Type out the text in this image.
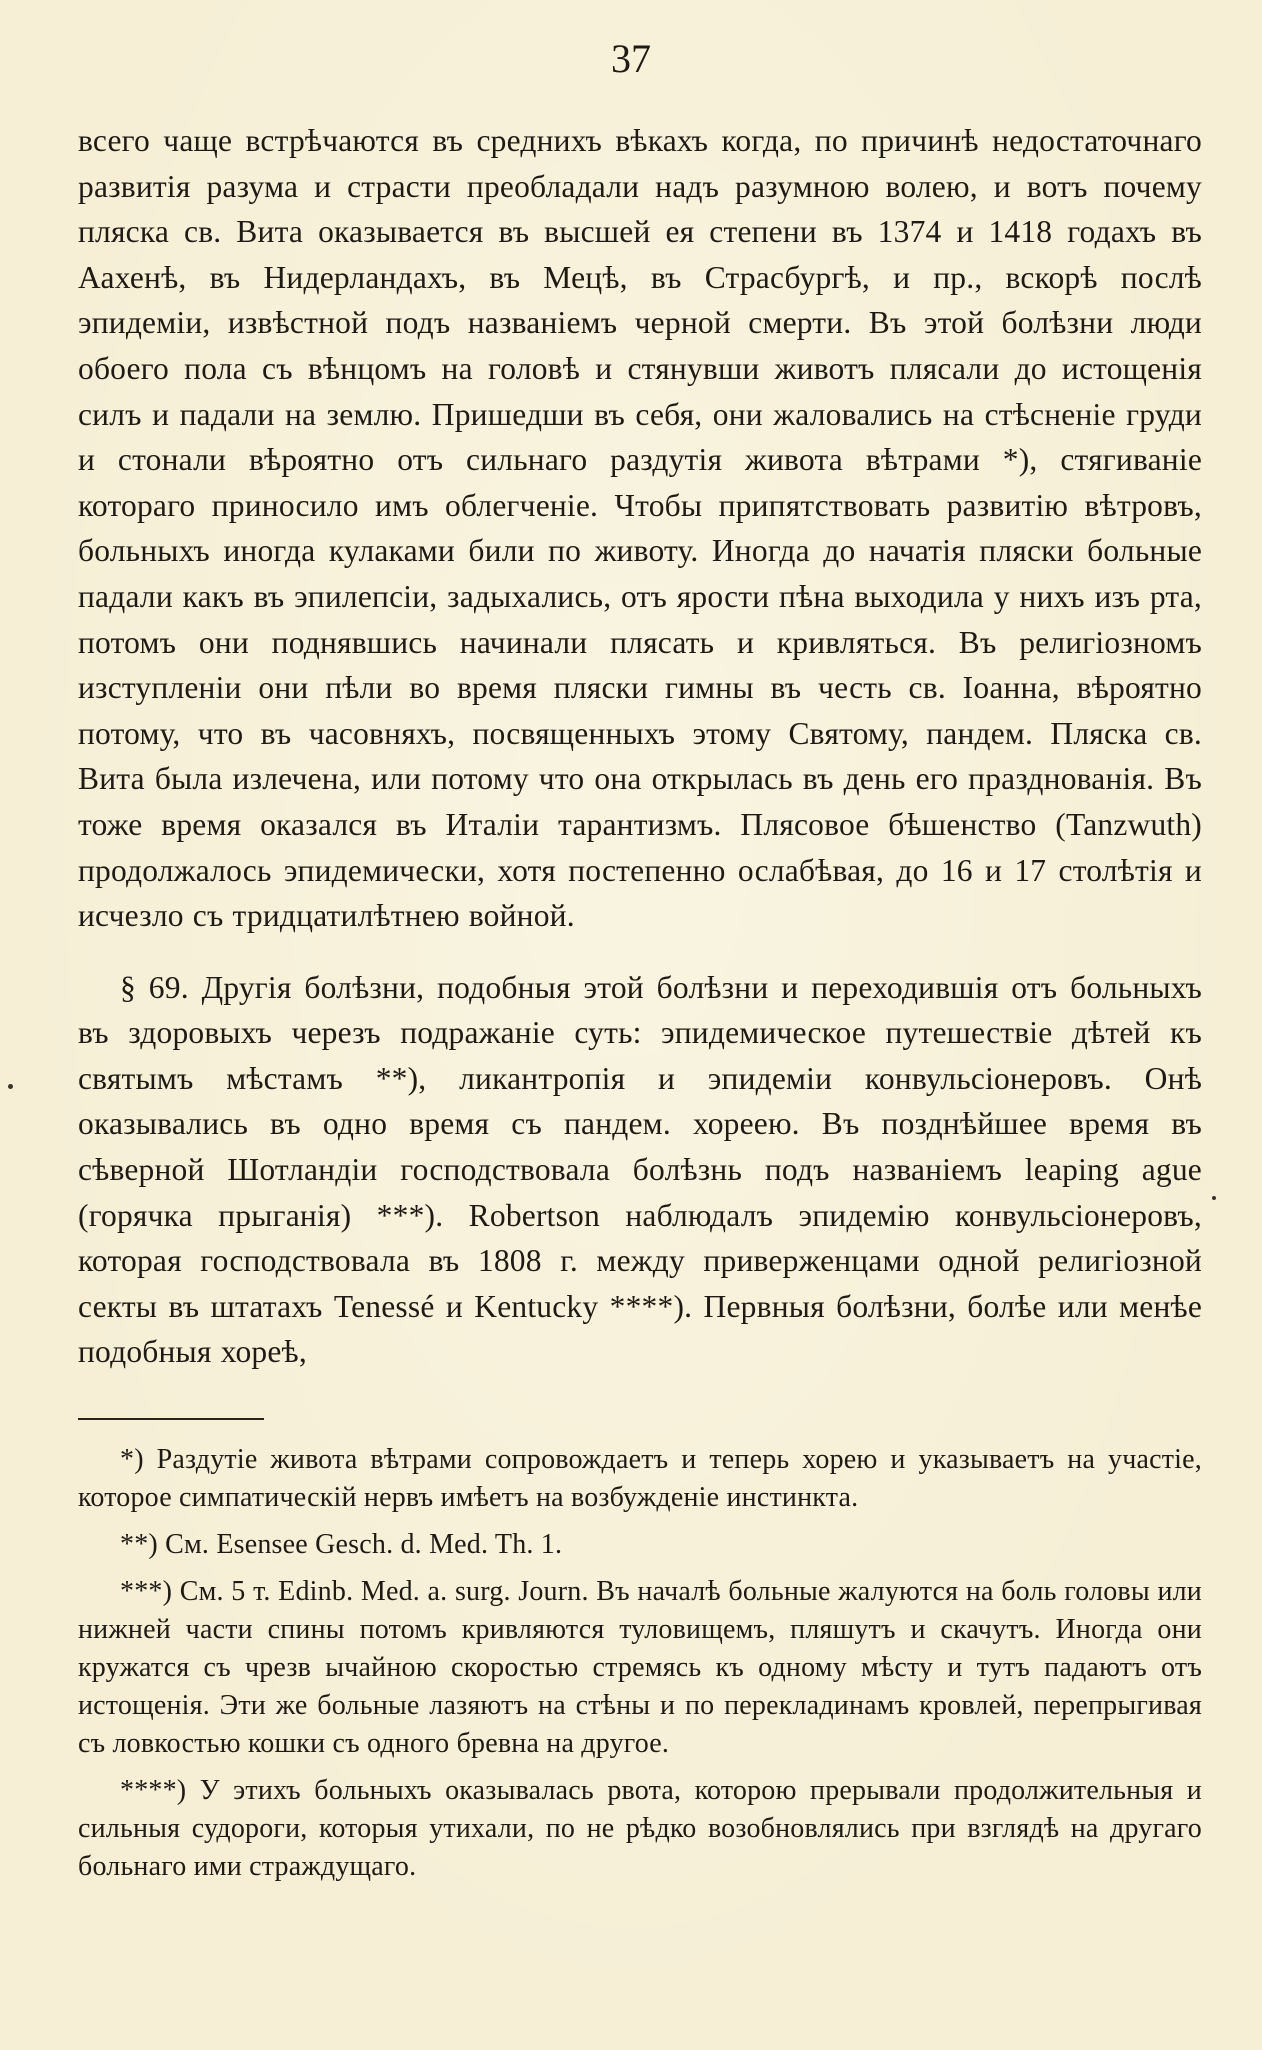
37

всего чаще встрѣчаются въ среднихъ вѣкахъ когда, по причинѣ недостаточнаго развитія разума и страсти преобладали надъ разумною волею, и вотъ почему пляска св. Вита оказывается въ высшей ея степени въ 1374 и 1418 годахъ въ Аахенѣ, въ Нидерландахъ, въ Мецѣ, въ Страсбургѣ, и пр., вскорѣ послѣ эпидеміи, извѣстной подъ названіемъ черной смерти. Въ этой болѣзни люди обоего пола съ вѣнцомъ на головѣ и стянувши животъ плясали до истощенія силъ и падали на землю. Пришедши въ себя, они жаловались на стѣсненіе груди и стонали вѣроятно отъ сильнаго раздутія живота вѣтрами *), стягиваніе котораго приносило имъ облегченіе. Чтобы припятствовать развитію вѣтровъ, больныхъ иногда кулаками били по животу. Иногда до начатія пляски больные падали какъ въ эпилепсіи, задыхались, отъ ярости пѣна выходила у нихъ изъ рта, потомъ они поднявшись начинали плясать и кривляться. Въ религіозномъ изступленіи они пѣли во время пляски гимны въ честь св. Іоанна, вѣроятно потому, что въ часовняхъ, посвященныхъ этому Святому, пандем. Пляска св. Вита была излечена, или потому что она открылась въ день его празднованія. Въ тоже время оказался въ Италіи тарантизмъ. Плясовое бѣшенство (Tanzwuth) продолжалось эпидемически, хотя постепенно ослабѣвая, до 16 и 17 столѣтія и исчезло съ тридцатилѣтнею войной.

§ 69. Другія болѣзни, подобныя этой болѣзни и переходившія отъ больныхъ въ здоровыхъ черезъ подражаніе суть: эпидемическое путешествіе дѣтей къ святымъ мѣстамъ **), ликантропія и эпидеміи конвульсіонеровъ. Онѣ оказывались въ одно время съ пандем. хореею. Въ позднѣйшее время въ сѣверной Шотландіи господствовала болѣзнь подъ названіемъ leaping ague (горячка прыганія) ***). Robertson наблюдалъ эпидемію конвульсіонеровъ, которая господствовала въ 1808 г. между приверженцами одной религіозной секты въ штатахъ Tenessé и Kentucky ****). Первныя болѣзни, болѣе или менѣе подобныя хореѣ,

*) Раздутіе живота вѣтрами сопровождаетъ и теперь хорею и указываетъ на участіе, которое симпатическій нервъ имѣетъ на возбужденіе инстинкта.

**) См. Esensee Gesch. d. Med. Th. 1.

***) См. 5 т. Edinb. Med. a. surg. Journ. Въ началѣ больные жалуются на боль головы или нижней части спины потомъ кривляются туловищемъ, пляшутъ и скачутъ. Иногда они кружатся съ чрезв ычайною скоростью стремясь къ одному мѣсту и тутъ падаютъ отъ истощенія. Эти же больные лазяютъ на стѣны и по перекладинамъ кровлей, перепрыгивая съ ловкостью кошки съ одного бревна на другое.

****) У этихъ больныхъ оказывалась рвота, которою прерывали продолжительныя и сильныя судороги, которыя утихали, по не рѣдко возобновлялись при взглядѣ на другаго больнаго ими страждущаго.
